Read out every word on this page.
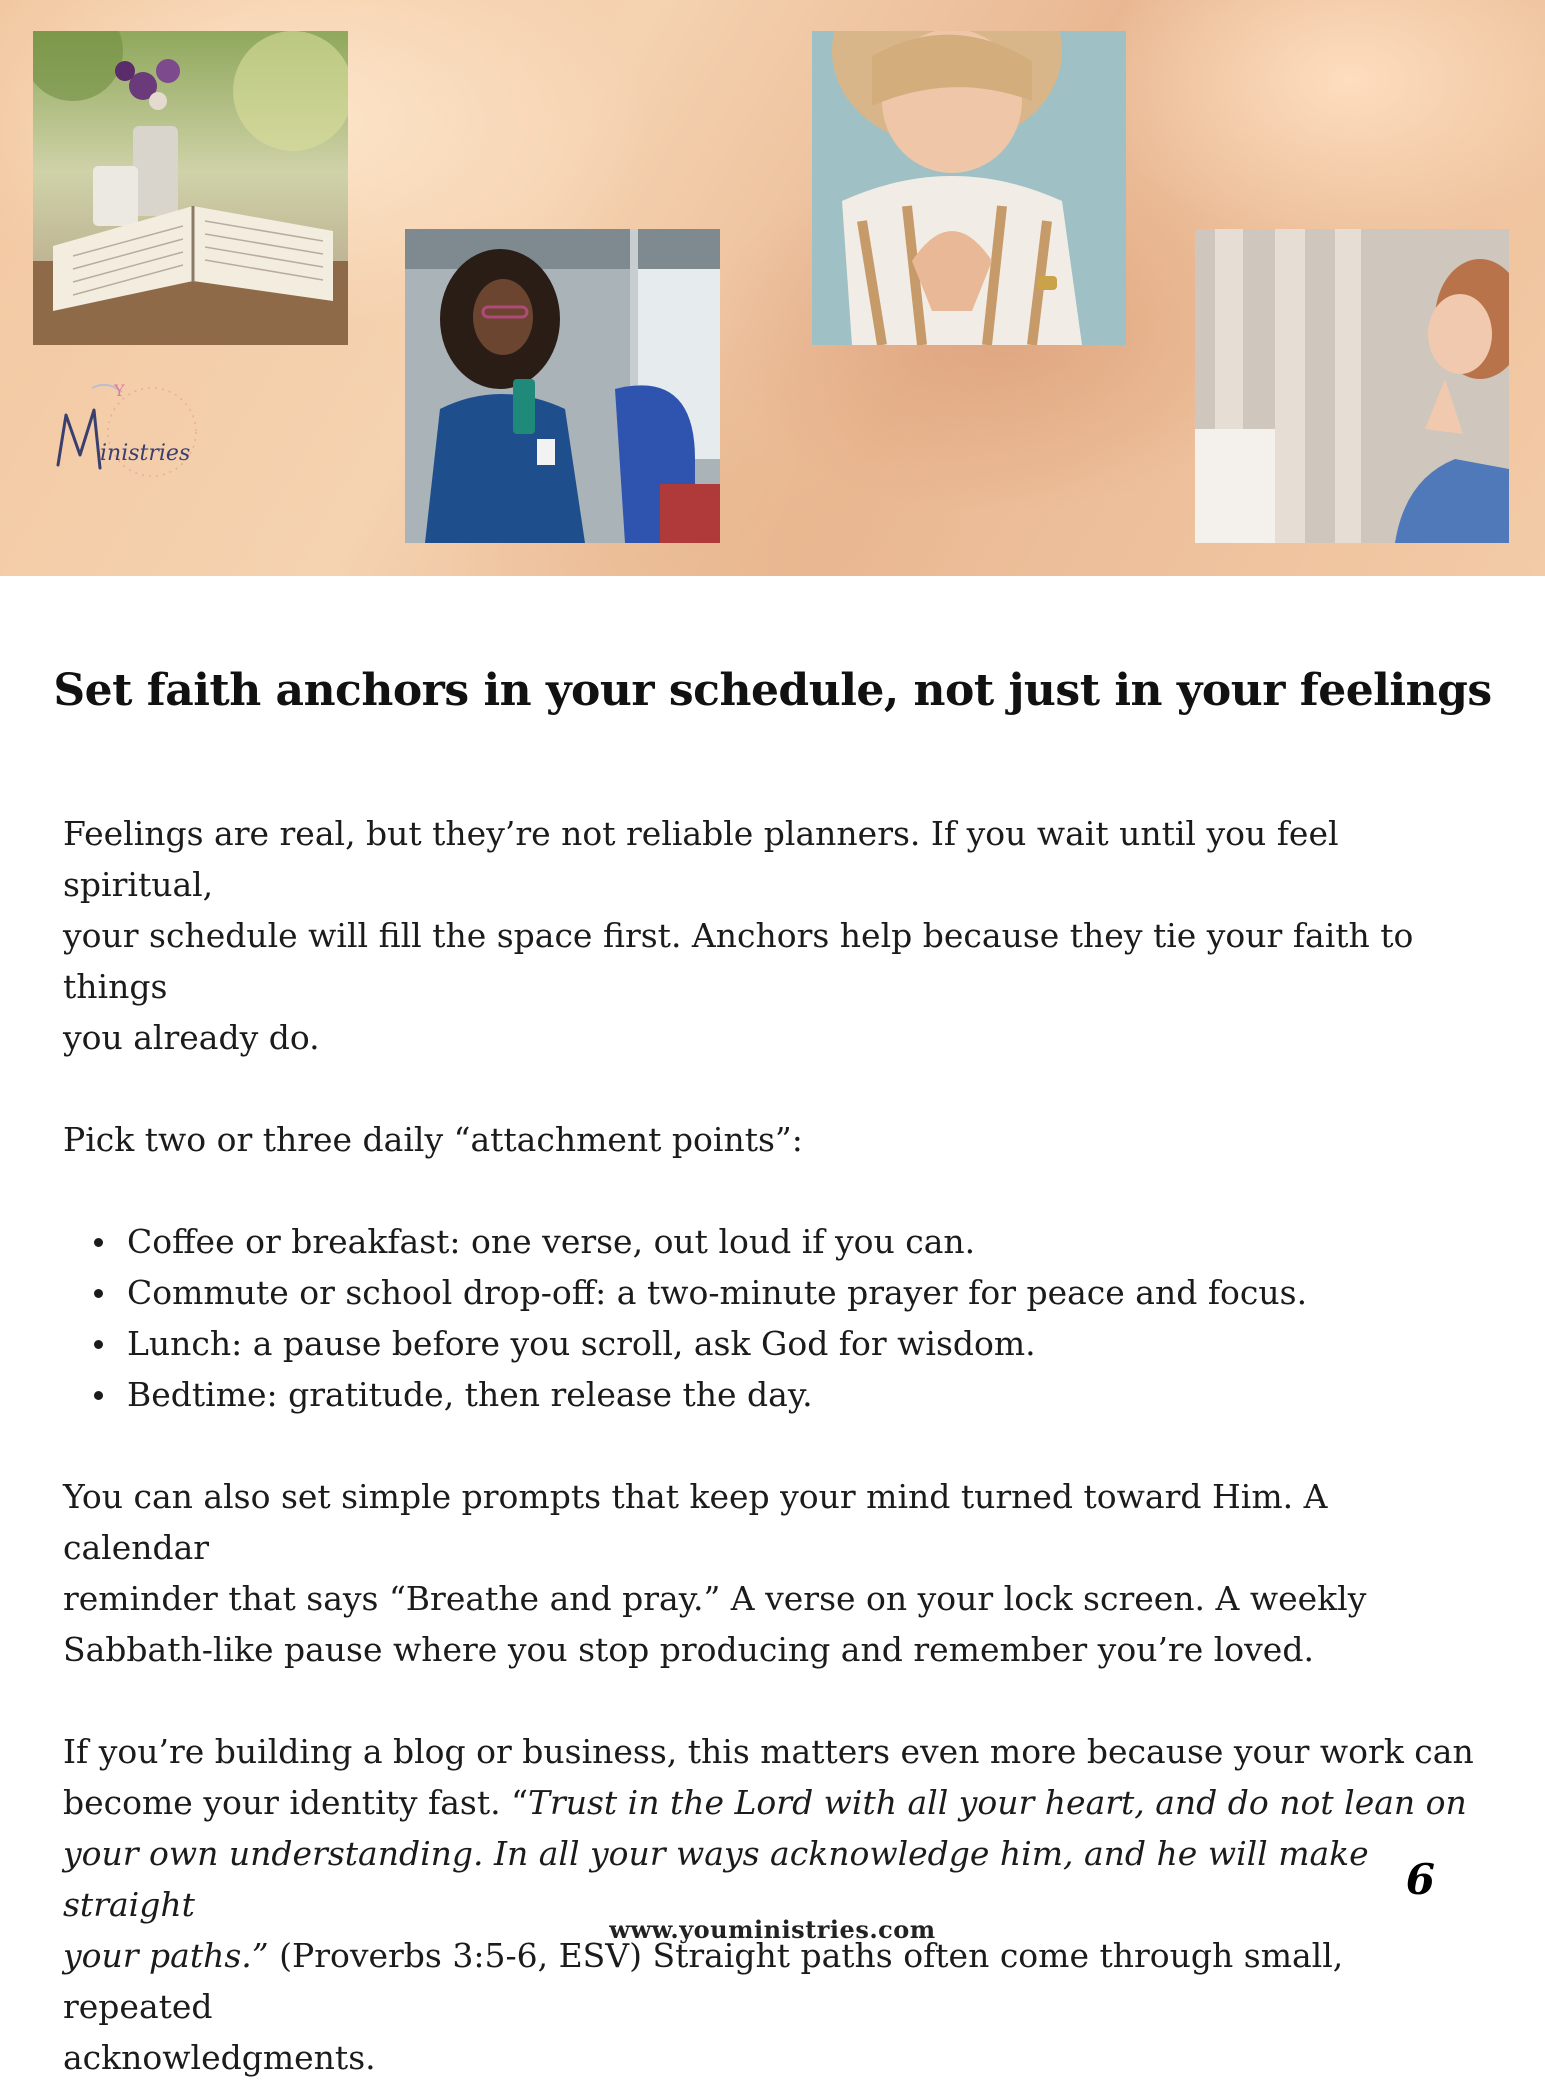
Y
inistries
Set faith anchors in your schedule, not just in your feelings

Feelings are real, but they’re not reliable planners. If you wait until you feel spiritual,

your schedule will fill the space first. Anchors help because they tie your faith to things

you already do.

Pick two or three daily “attachment points”:

Coffee or breakfast: one verse, out loud if you can.
Commute or school drop-off: a two-minute prayer for peace and focus.
Lunch: a pause before you scroll, ask God for wisdom.
Bedtime: gratitude, then release the day.

You can also set simple prompts that keep your mind turned toward Him. A calendar

reminder that says “Breathe and pray.” A verse on your lock screen. A weekly

Sabbath-like pause where you stop producing and remember you’re loved.

If you’re building a blog or business, this matters even more because your work can

become your identity fast. “Trust in the Lord with all your heart, and do not lean on

your own understanding. In all your ways acknowledge him, and he will make straight

your paths.” (Proverbs 3:5-6, ESV) Straight paths often come through small, repeated

acknowledgments.

6
www.youministries.com
